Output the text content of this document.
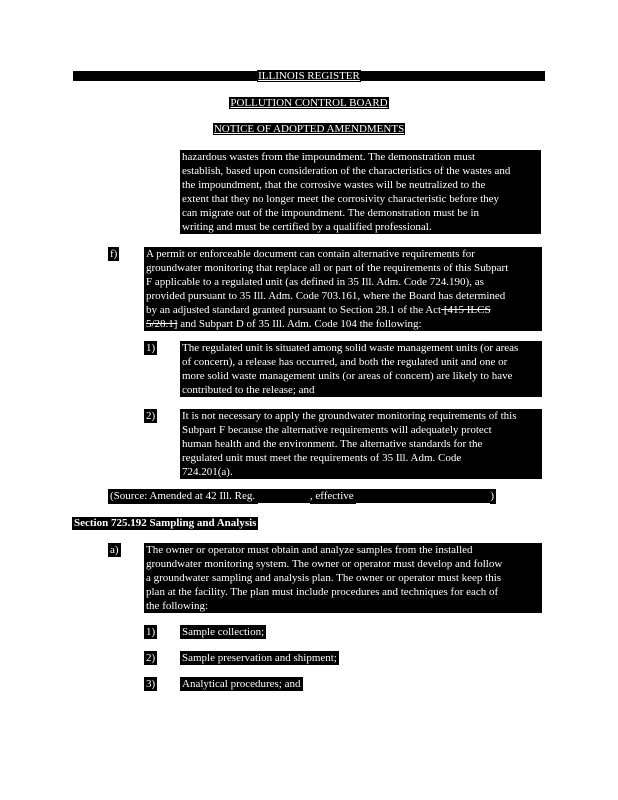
ILLINOIS REGISTER
POLLUTION CONTROL BOARD
NOTICE OF ADOPTED AMENDMENTS

hazardous wastes from the impoundment. The demonstration must

establish, based upon consideration of the characteristics of the wastes and

the impoundment, that the corrosive wastes will be neutralized to the

extent that they no longer meet the corrosivity characteristic before they

can migrate out of the impoundment. The demonstration must be in

writing and must be certified by a qualified professional.

f)	A permit or enforceable document can contain alternative requirements for

groundwater monitoring that replace all or part of the requirements of this Subpart

F applicable to a regulated unit (as defined in 35 Ill. Adm. Code 724.190), as

provided pursuant to 35 Ill. Adm. Code 703.161, where the Board has determined

by an adjusted standard granted pursuant to Section 28.1 of the Act [415 ILCS

5/28.1] and Subpart D of 35 Ill. Adm. Code 104 the following:

1) The regulated unit is situated among solid waste management units (or areas

of concern), a release has occurred, and both the regulated unit and one or

more solid waste management units (or areas of concern) are likely to have

contributed to the release; and

2) It is not necessary to apply the groundwater monitoring requirements of this

Subpart F because the alternative requirements will adequately protect

human health and the environment. The alternative standards for the

regulated unit must meet the requirements of 35 Ill. Adm. Code

724.201(a).

(Source: Amended at 42 Ill. Reg.	, effective	)
Section 725.192 Sampling and Analysis
a) The owner or operator must obtain and analyze samples from the installed

groundwater monitoring system. The owner or operator must develop and follow

a groundwater sampling and analysis plan. The owner or operator must keep this

plan at the facility. The plan must include procedures and techniques for each of

the following:

1) Sample collection;
2) Sample preservation and shipment;
3) Analytical procedures; and
